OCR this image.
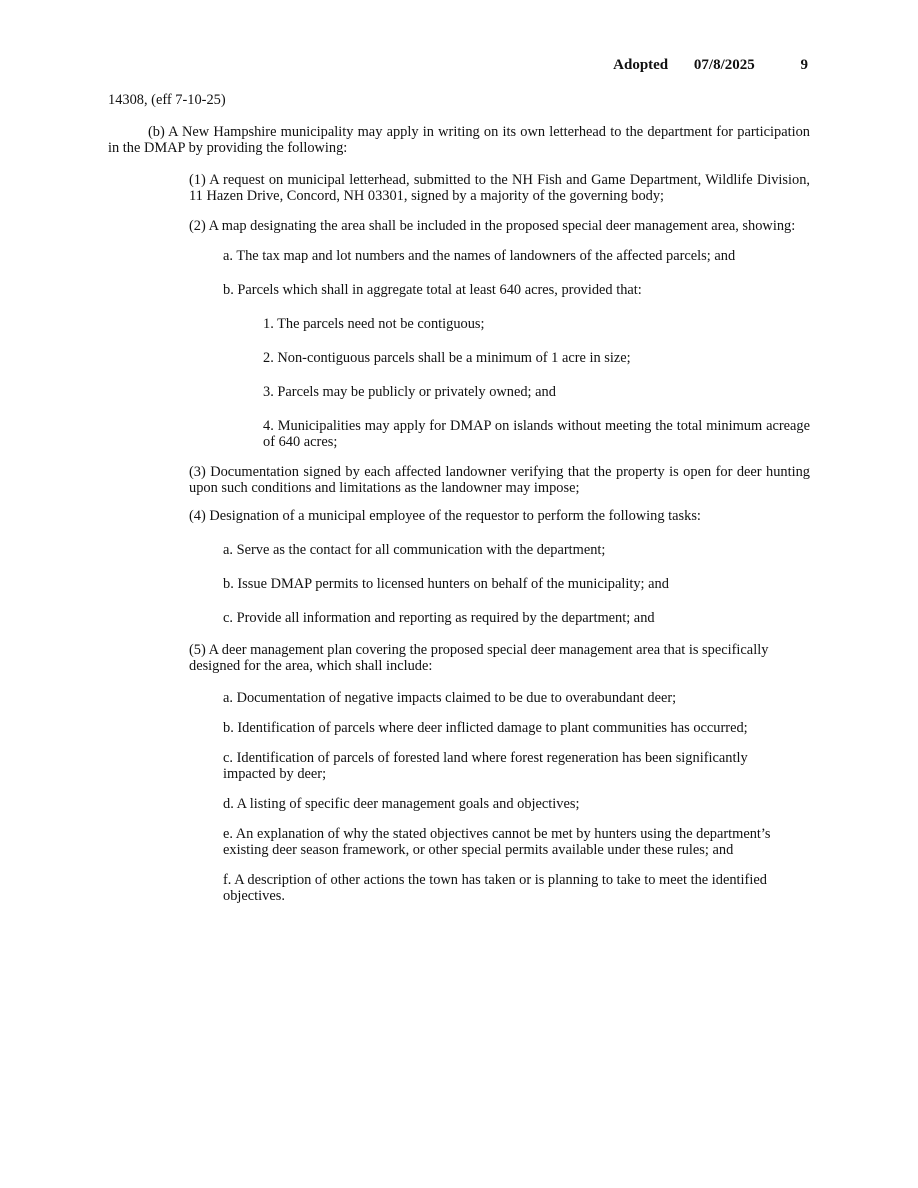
Adopted 07/8/2025	9

14308, (eff 7-10-25)

(b) A New Hampshire municipality may apply in writing on its own letterhead to the department for participation in the DMAP by providing the following:

(1) A request on municipal letterhead, submitted to the NH Fish and Game Department, Wildlife Division, 11 Hazen Drive, Concord, NH 03301, signed by a majority of the governing body;

(2) A map designating the area shall be included in the proposed special deer management area, showing:

a. The tax map and lot numbers and the names of landowners of the affected parcels; and

b. Parcels which shall in aggregate total at least 640 acres, provided that:

1. The parcels need not be contiguous;

2. Non-contiguous parcels shall be a minimum of 1 acre in size;

3. Parcels may be publicly or privately owned; and

4. Municipalities may apply for DMAP on islands without meeting the total minimum acreage of 640 acres;

(3) Documentation signed by each affected landowner verifying that the property is open for deer hunting upon such conditions and limitations as the landowner may impose;

(4) Designation of a municipal employee of the requestor to perform the following tasks:

a. Serve as the contact for all communication with the department;

b. Issue DMAP permits to licensed hunters on behalf of the municipality; and

c. Provide all information and reporting as required by the department; and

(5) A deer management plan covering the proposed special deer management area that is specifically designed for the area, which shall include:

a. Documentation of negative impacts claimed to be due to overabundant deer;

b. Identification of parcels where deer inflicted damage to plant communities has occurred;

c. Identification of parcels of forested land where forest regeneration has been significantly impacted by deer;

d. A listing of specific deer management goals and objectives;

e. An explanation of why the stated objectives cannot be met by hunters using the department’s existing deer season framework, or other special permits available under these rules; and

f. A description of other actions the town has taken or is planning to take to meet the identified objectives.
